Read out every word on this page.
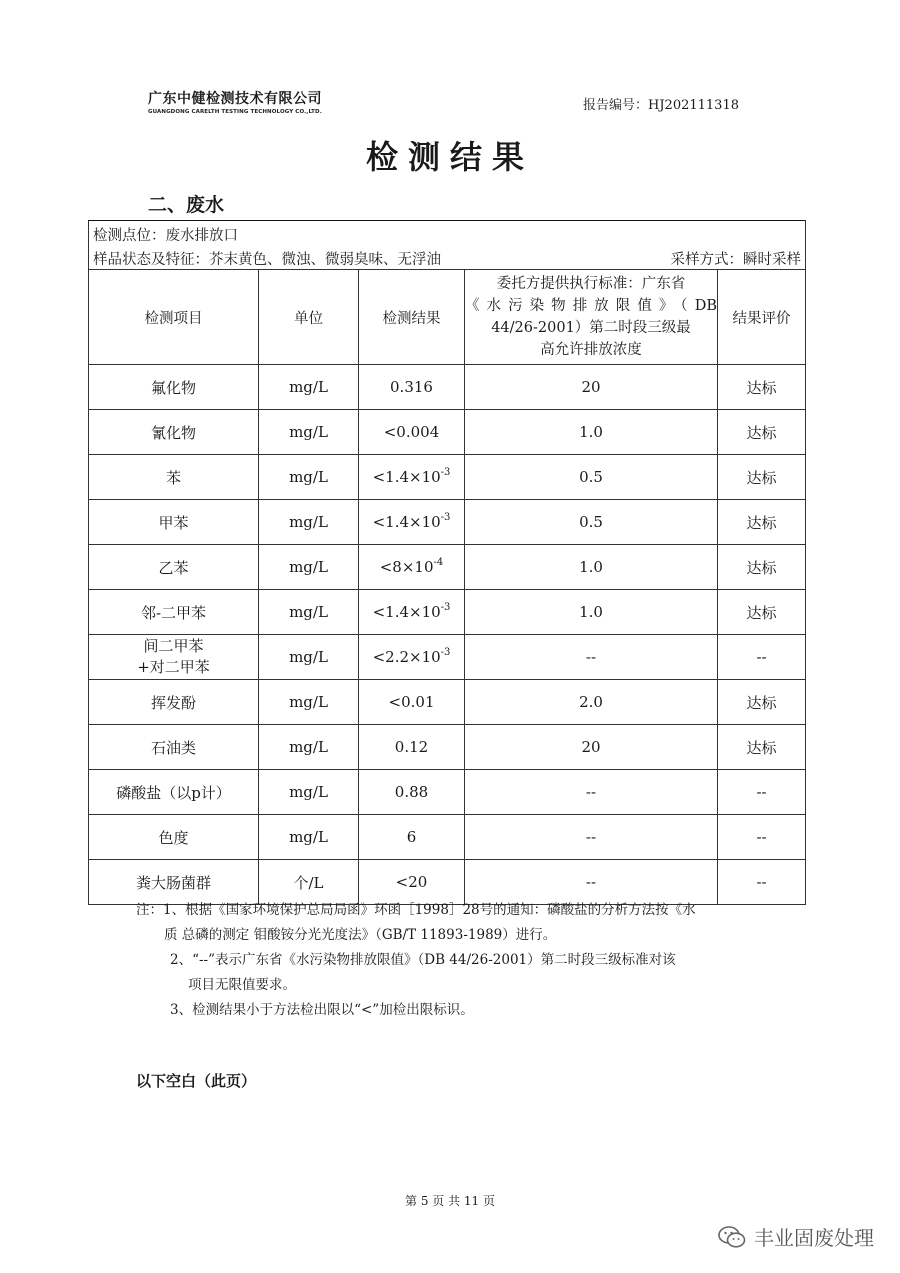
广东中健检测技术有限公司
GUANGDONG CARELTH TESTING TECHNOLOGY CO.,LTD.	报告编号：HJ202111318
检测结果
二、废水
检测点位：废水排放口				
样品状态及特征：芥末黄色、微浊、微弱臭味、无浮油 采样方式：瞬时采样				

检测项目	单位	检测结果	委托方提供执行标准：广东省
《水污染物排放限值》（DB
44/26-2001）第二时段三级最
高允许排放浓度	结果评价
氟化物	mg/L	0.316	20	达标
氰化物	mg/L	<0.004	1.0	达标
苯	mg/L	$<1.4\times 10^{-3}$	0.5	达标
甲苯	mg/L	$<1.4\times 10^{-3}$	0.5	达标
乙苯	mg/L	$<8\times 10^{-4}$	1.0	达标
邻-二甲苯	mg/L	$<1.4\times 10^{-3}$	1.0	达标

间二甲苯
+对二甲苯	mg/L	$<2.2\times 10^{-3}$	--	--
挥发酚	mg/L	<0.01	2.0	达标
石油类	mg/L	0.12	20	达标
磷酸盐（以p计）	mg/L	0.88	--	--
色度	mg/L	6	--	--
粪大肠菌群	个/L	<20	--	--
注：1、根据《国家环境保护总局局函》环函［1998］28号的通知：磷酸盐的分析方法按《水
质 总磷的测定 钼酸铵分光光度法》（GB/T 11893-1989）进行。
2、“--”表示广东省《水污染物排放限值》（DB 44/26-2001）第二时段三级标准对该
项目无限值要求。
3、检测结果小于方法检出限以“<”加检出限标识。
以下空白（此页）
第 5 页 共 11 页
丰业固废处理
